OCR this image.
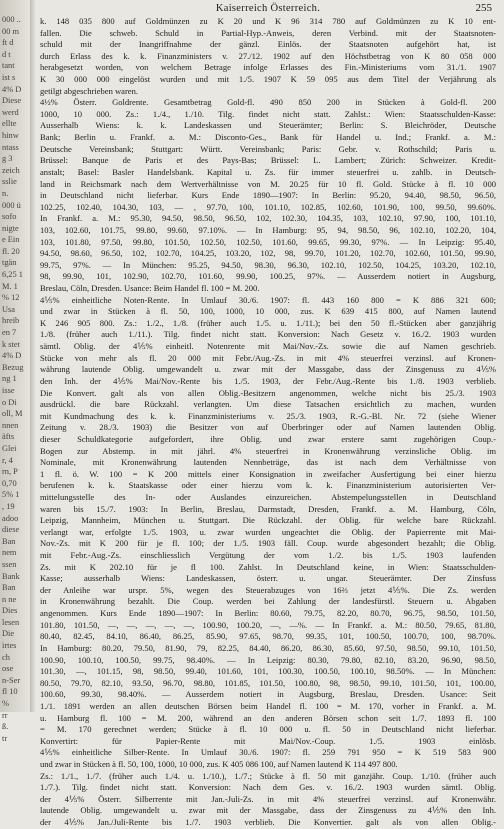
000 ..
00 m
ft d
d t
tant
ist s
4% D
Diese
werd
ellte
hinw
ntass
g 3
zeich
sslie
n.
000 ü
sofo
nigte
e Ein
fl. 20
tgän
6,25 1
M. 1
% 12
Usa
hreib
en 7
k stet
4% D
Bezug
ng 1
isse
o Di
oll, M
nnen
äfts
Glei
r, 4
rn, P
0,70
5% 1
, 19
adoo
diese
Ban
nem
ssen
Bank
Ban
n ne
Dies
lesen
Die
irtes
ch
ose
n-Ser
fl 10
%
rr
ß.
tr
Kaiserreich Österreich.	255
k. 148 035 800 auf Goldmünzen zu K 20 und K 96 314 780 auf Goldmünzen zu K 10 ent-
fallen. Die schweb. Schuld in Partial-Hyp.-Anweis, deren Verbind. mit der Staatsnoten-
schuld mit der Inangriffnahme der gänzl. Einlös. der Staatsnoten aufgehört hat, ist
durch Erlass des k. k. Finanzministers v. 27./12. 1902 auf den Höchstbetrag von K 80 058 000
herabgesetzt worden, von welchem Betrage infolge Erlasses des Fin.-Ministeriums vom 31./1. 1907
K 30 000 000 eingelöst wurden und mit 1./5. 1907 K 59 095 aus dem Titel der Verjährung als
getilgt abgeschrieben waren.
4½% Österr. Goldrente. Gesamtbetrag Gold-fl. 490 850 200 in Stücken à Gold-fl. 200
1000, 10 000. Zs.: 1./4., 1./10. Tilg. findet nicht statt. Zahlst.: Wien: Staatsschulden-Kasse:
Ausserhalb Wiens: k. k. Landeskassen und Steuerämter; Berlin: S. Bleichröder, Deutsche
Bank; Berlin u. Frankf. a. M.: Disconto-Ges., Bank für Handel u. Ind.; Frankf. a. M.:
Deutsche Vereinsbank; Stuttgart: Württ. Vereinsbank; Paris: Gebr. v. Rothschild; Paris u.
Brüssel: Banque de Paris et des Pays-Bas; Brüssel: L. Lambert; Zürich: Schweizer. Kredit-
anstalt; Basel: Basler Handelsbank. Kapital u. Zs. für immer steuerfrei u. zahlb. in Deutsch-
land in Reichsmark nach dem Wertverhältnisse von M. 20.25 für 10 fl. Gold. Stücke à fl. 10 000
in Deutschland nicht lieferbar. Kurs Ende 1890—1907: In Berlin: 95.20, 94.40, 98.50, 96.50,
102.25, 102.40, 104.30, 103, — , 97.70, 100, 101.10, 102.85, 102.60, 101.90, 100, 99.50, 99.60%.
In Frankf. a. M.: 95.30, 94.50, 98.50, 96.50, 102, 102.30, 104.35, 103, 102.10, 97.90, 100, 101.10,
103, 102.60, 101.75, 99.80, 99.60, 97.10%. — In Hamburg: 95, 94, 98.50, 96, 102.10, 102.20, 104,
103, 101.80, 97.50, 99.80, 101.50, 102.50, 102.50, 101.60, 99.65, 99.30, 97%. — In Leipzig: 95.40,
94.50, 98.60, 96.50, 102, 102.70, 104.25, 103.20, 102, 98, 99.70, 101.20, 102.70, 102.60, 101.50, 99.90,
99.75, 97%. — In München: 95.25, 94.50, 98.30, 96.30, 102.10, 102.50, 104.25, 103.20, 102.10,
98, 99.90, 101, 102.90, 102.70, 101.60, 99.90, 100.25, 97%. — Ausserdem notiert in Augsburg,
Breslau, Cöln, Dresden. Usance: Beim Handel fl. 100 = M. 200.
4⅕% einheitliche Noten-Rente. In Umlauf 30./6. 1907: fl. 443 160 800 = K 886 321 600;
und zwar in Stücken à fl. 50, 100, 1000, 10 000, zus. K 639 415 800, auf Namen lautend
K 246 905 800. Zs.: 1./2., 1./8. (früher auch 1./5. u. 1./11.); bei den 50 fl.-Stücken aber ganzjährig
1./8. (früher auch 1./11.). Tilg. findet nicht statt. Konversion: Nach Gesetz v. 16./2. 1903 wurden
sämtl. Oblig. der 4⅕% einheitl. Notenrente mit Mai/Nov.-Zs. sowie die auf Namen geschrieb.
Stücke von mehr als fl. 20 000 mit Febr./Aug.-Zs. in mit 4% steuerfrei verzinsl. auf Kronen-
währung lautende Oblig. umgewandelt u. zwar mit der Massgabe, dass der Zinsgenuss zu 4⅕%
den Inh. der 4⅕% Mai/Nov.-Rente bis 1./5. 1903, der Febr./Aug.-Rente bis 1./8. 1903 verblieb.
Die Konvert. galt als von allen Oblig.-Besitzern angenommen, welche nicht bis 25./3. 1903
ausdrückl. die bare Rückzahl. verlangten. Um diese Tatsachen ersichtlich zu machen, wurden
mit Kundmachung des k. k. Finanzministeriums v. 25./3. 1903, R.-G.-Bl. Nr. 72 (siehe Wiener
Zeitung v. 28./3. 1903) die Besitzer von auf Überbringer oder auf Namen lautenden Oblig.
dieser Schuldkategorie aufgefordert, ihre Oblig. und zwar erstere samt zugehörigen Coup.-
Bogen zur Abstemp. in mit jährl. 4% steuerfrei in Kronenwährung verzinsliche Oblig. im
Nominale, mit Kronenwährung lautenden Nennbeträge, das ist nach dem Verhältnisse von
1 fl. ö. W. 100 = K 200 mittels einer Konsignation in zweifacher Ausfertigung bei einer hierzu
berufenen k. k. Staatskasse oder einer hierzu vom k. k. Finanzministerium autorisierten Ver-
mittelungsstelle des In- oder Auslandes einzureichen. Abstempelungsstellen in Deutschland
waren bis 15./7. 1903: In Berlin, Breslau, Darmstadt, Dresden, Frankf. a. M. Hamburg, Cöln,
Leipzig, Mannheim, München u. Stuttgart. Die Rückzahl. der Oblig. für welche bare Rückzahl.
verlangt war, erfolgte 1./5. 1903, u. zwar wurden ungeachtet die Oblig. der Papierrente mit Mai-
Nov.-Zs. mit K 200 für je fl. 100; der 1./5. 1903 fäll. Coup. wurde abgesondert bezahlt; die Oblig.
mit Febr.-Aug.-Zs. einschliesslich Vergütung der vom 1./2. bis 1./5. 1903 laufenden
Zs. mit K 202.10 für je fl 100. Zahlst. In Deutschland keine, in Wien: Staatsschulden-
Kasse; ausserhalb Wiens: Landeskassen, österr. u. ungar. Steuerämter. Der Zinsfuss
der Anleihe war urspr. 5%, wegen des Steuerabzuges von 16⅔ jetzt 4⅕%. Die Zs. werden
in Kronenwährung bezahlt. Die Coup. werden bei Zahlung der landesfürstl. Steuern u. Abgaben
angenommen. Kurs Ende 1890—1907: In Berlin: 80.60, 79.75, 82.20, 80.70, 96.75, 98.50, 101.50,
101.80, 101.50, —, —, —, —, —, 100.90, 100.20, —, —%. — In Frankf. a. M.: 80.50, 79.65, 81.80,
80.40, 82.45, 84.10, 86.40, 86.25, 85.90, 97.65, 98.70, 99.35, 101, 100.50, 100.70, 100, 98.70%.
In Hamburg: 80.20, 79.50, 81.90, 79, 82.25, 84.40, 86.20, 86.30, 85.60, 97.50, 98.50, 99.10, 101.50,
100.90, 100.10, 100.50, 99.75, 98.40%. — In Leipzig: 80.30, 79.80, 82.10, 83.20, 96.90, 98.50,
101.30, —, 101.15, 98, 98.50, 99.40, 101.60, 101, 100.30, 100.50, 100.10, 98.50%. — In München:
80.50, 79.70, 82.10, 93.50, 96.70, 98.80, 101.85, 101.50, 100.80, 98, 98.50, 99.10, 101.50, 101, 100.00,
100.60, 99.30, 98.40%. — Ausserdem notiert in Augsburg, Breslau, Dresden. Usance: Seit
1./1. 1891 werden an allen deutschen Börsen beim Handel fl. 100 = M. 170, vorher in Frankf. a. M.
u. Hamburg fl. 100 = M. 200, während an den anderen Börsen schon seit 1./7. 1893 fl. 100
= M. 170 gerechnet werden; Stücke à fl. 10 000 u. fl. 50 in Deutschland nicht lieferbar.
Konvertirt: für Papier-Rente mit Mai/Nov.-Coup. 1./5. 1903 einlösb.
4⅕% einheitliche Silber-Rente. In Umlauf 30./6. 1907: fl. 259 791 950 = K 519 583 900
und zwar in Stücken à fl. 50, 100, 1000, 10 000, zus. K 405 086 100, auf Namen lautend K 114 497 800.
Zs.: 1./1., 1./7. (früher auch 1./4. u. 1./10.), 1./7.; Stücke à fl. 50 mit ganzjähr. Coup. 1./10. (früher auch
1./7.). Tilg. findet nicht statt. Konversion: Nach dem Ges. v. 16./2. 1903 wurden sämtl. Oblig.
der 4⅕% Österr. Silberrente mit Jan.-Juli-Zs. in mit 4% steuerfrei verzinsl. auf Kronenwähr.
lautende Oblig. umgewandelt u. zwar mit der Massgabe, dass der Zinsgenuss zu 4⅕% den Inh.
der 4⅕% Jan./Juli-Rente bis 1./7. 1903 verblieb. Die Konvertier. galt als von allen Oblig.-
